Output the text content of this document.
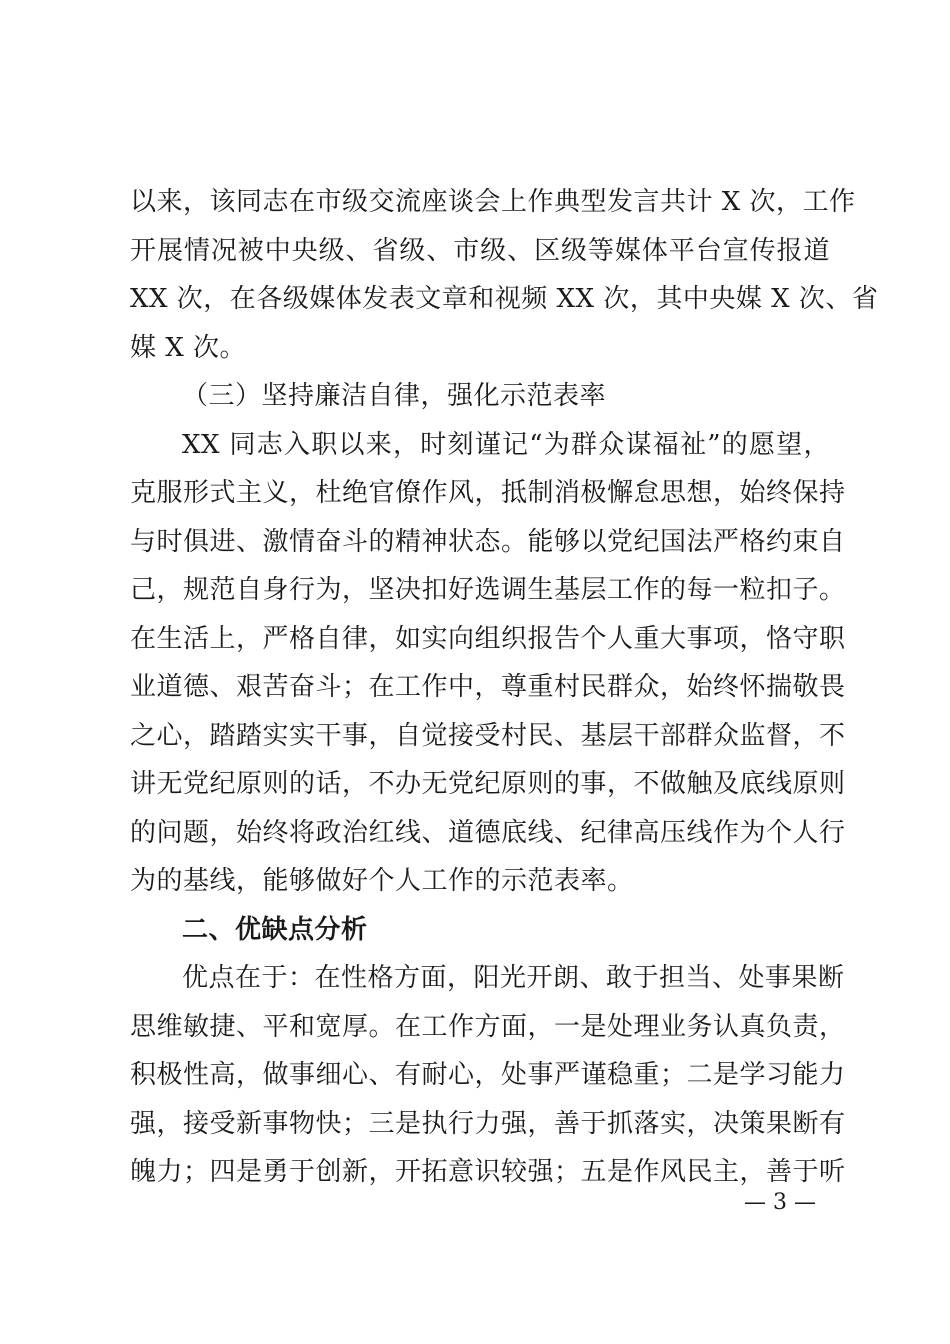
以来，该同志在市级交流座谈会上作典型发言共计 X 次，工作
开展情况被中央级、省级、市级、区级等媒体平台宣传报道
XX 次，在各级媒体发表文章和视频 XX 次，其中央媒 X 次、省
媒 X 次。
（三）坚持廉洁自律，强化示范表率
XX 同志入职以来，时刻谨记“为群众谋福祉”的愿望，
克服形式主义，杜绝官僚作风，抵制消极懈怠思想，始终保持
与时俱进、激情奋斗的精神状态。能够以党纪国法严格约束自
己，规范自身行为，坚决扣好选调生基层工作的每一粒扣子。
在生活上，严格自律，如实向组织报告个人重大事项，恪守职
业道德、艰苦奋斗；在工作中，尊重村民群众，始终怀揣敬畏
之心，踏踏实实干事，自觉接受村民、基层干部群众监督，不
讲无党纪原则的话，不办无党纪原则的事，不做触及底线原则
的问题，始终将政治红线、道德底线、纪律高压线作为个人行
为的基线，能够做好个人工作的示范表率。
二、优缺点分析
优点在于：在性格方面，阳光开朗、敢于担当、处事果断
思维敏捷、平和宽厚。在工作方面，一是处理业务认真负责，
积极性高，做事细心、有耐心，处事严谨稳重；二是学习能力
强，接受新事物快；三是执行力强，善于抓落实，决策果断有
魄力；四是勇于创新，开拓意识较强；五是作风民主，善于听
— 3 —
